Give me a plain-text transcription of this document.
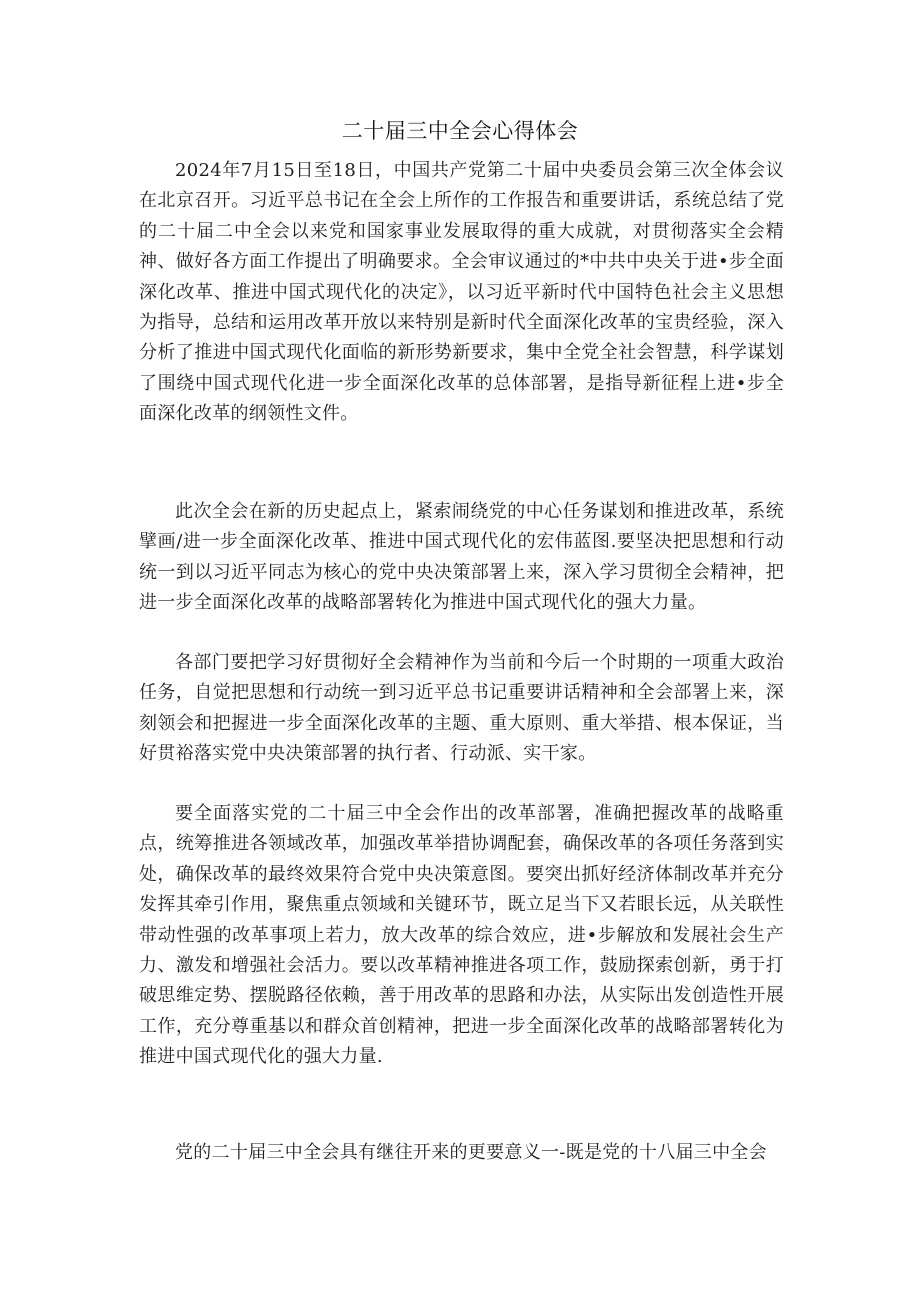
二十届三中全会心得体会

2024年7月15日至18日，中国共产党第二十届中央委员会第三次全体会议在北京召开。习近平总书记在全会上所作的工作报告和重要讲话，系统总结了党的二十届二中全会以来党和国家事业发展取得的重大成就，对贯彻落实全会精神、做好各方面工作提出了明确要求。全会审议通过的*中共中央关于进•步全面深化改革、推进中国式现代化的决定》，以习近平新时代中国特色社会主义思想为指导，总结和运用改革开放以来特别是新时代全面深化改革的宝贵经验，深入分析了推进中国式现代化面临的新形势新要求，集中全党全社会智慧，科学谋划了围绕中国式现代化进一步全面深化改革的总体部署，是指导新征程上进•步全面深化改革的纲领性文件。

此次全会在新的历史起点上，紧索闹绕党的中心任务谋划和推进改革，系统擘画/进一步全面深化改革、推进中国式现代化的宏伟蓝图.要坚决把思想和行动统一到以习近平同志为核心的党中央决策部署上来，深入学习贯彻全会精神，把进一步全面深化改革的战略部署转化为推进中国式现代化的强大力量。

各部门要把学习好贯彻好全会精神作为当前和今后一个时期的一项重大政治任务，自觉把思想和行动统一到习近平总书记重要讲话精神和全会部署上来，深刻领会和把握进一步全面深化改革的主题、重大原则、重大举措、根本保证，当好贯裕落实党中央决策部署的执行者、行动派、实干家。

要全面落实党的二十届三中全会作出的改革部署，准确把握改革的战略重点，统筹推进各领域改革，加强改革举措协调配套，确保改革的各项任务落到实处，确保改革的最终效果符合党中央决策意图。要突出抓好经济体制改革并充分发挥其牵引作用，聚焦重点领域和关键环节，既立足当下又若眼长远，从关联性带动性强的改革事项上若力，放大改革的综合效应，进•步解放和发展社会生产力、激发和增强社会活力。要以改革精神推进各项工作，鼓励探索创新，勇于打破思维定势、摆脱路径依赖，善于用改革的思路和办法，从实际出发创造性开展工作，充分尊重基以和群众首创精神，把进一步全面深化改革的战略部署转化为推进中国式现代化的强大力量.

党的二十届三中全会具有继往开来的更要意义一-既是党的十八届三中全会
